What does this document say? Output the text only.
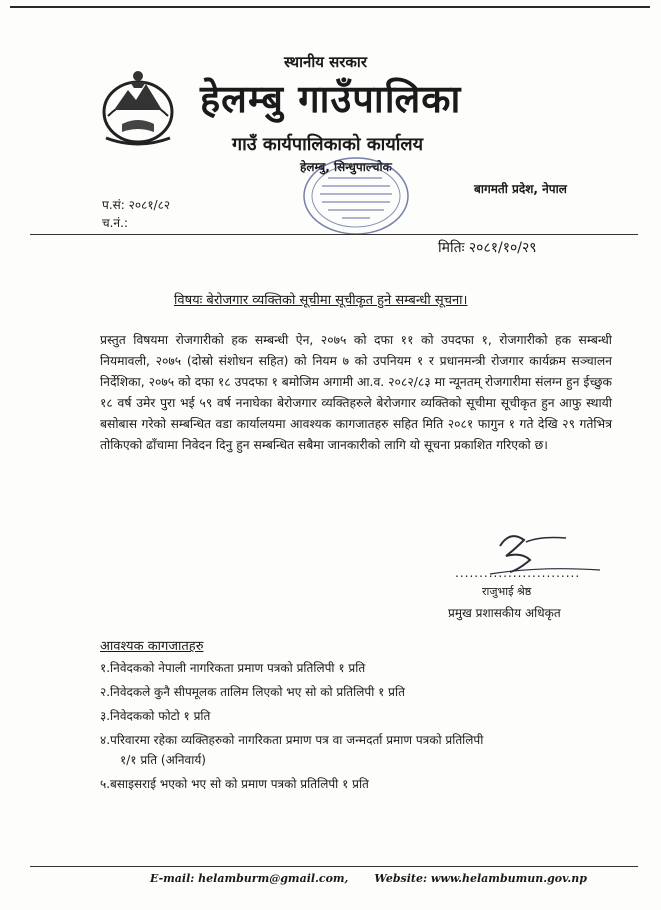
स्थानीय सरकार
हेलम्बु गाउँपालिका
गाउँ कार्यपालिकाको कार्यालय
हेलम्बु, सिन्धुपाल्चोक
बागमती प्रदेश, नेपाल
प.सं: २०८१/८२
च.नं.:
मितिः २०८१/१०/२९
विषयः बेरोजगार व्यक्तिको सूचीमा सूचीकृत हुने सम्बन्धी सूचना।
प्रस्तुत विषयमा रोजगारीको हक सम्बन्धी ऐन, २०७५ को दफा ११ को उपदफा १, रोजगारीको हक सम्बन्धी नियमावली, २०७५ (दोस्रो संशोधन सहित) को नियम ७ को उपनियम १ र प्रधानमन्त्री रोजगार कार्यक्रम सञ्चालन निर्देशिका, २०७५ को दफा १८ उपदफा १ बमोजिम अगामी आ.व. २०८२/८३ मा न्यूनतम् रोजगारीमा संलग्न हुन ईच्छुक १८ वर्ष उमेर पुरा भई ५९ वर्ष ननाघेका बेरोजगार व्यक्तिहरुले बेरोजगार व्यक्तिको सूचीमा सूचीकृत हुन आफु स्थायी बसोबास गरेको सम्बन्धित वडा कार्यालयमा आवश्यक कागजातहरु सहित मिति २०८१ फागुन १ गते देखि २९ गतेभित्र तोकिएको ढाँचामा निवेदन दिनु हुन सम्बन्धित सबैमा जानकारीको लागि यो सूचना प्रकाशित गरिएको छ।
..........................
राजुभाई श्रेष्ठ
प्रमुख प्रशासकीय अधिकृत
आवश्यक कागजातहरु
१.निवेदकको नेपाली नागरिकता प्रमाण पत्रको प्रतिलिपी १ प्रति
२.निवेदकले कुनै सीपमूलक तालिम लिएको भए सो को प्रतिलिपी १ प्रति
३.निवेदकको फोटो १ प्रति
४.परिवारमा रहेका व्यक्तिहरुको नागरिकता प्रमाण पत्र वा जन्मदर्ता प्रमाण पत्रको प्रतिलिपी
१/१ प्रति (अनिवार्य)
५.बसाइसराई भएको भए सो को प्रमाण पत्रको प्रतिलिपी १ प्रति
E-mail: helamburm@gmail.com, Website: www.helambumun.gov.np
